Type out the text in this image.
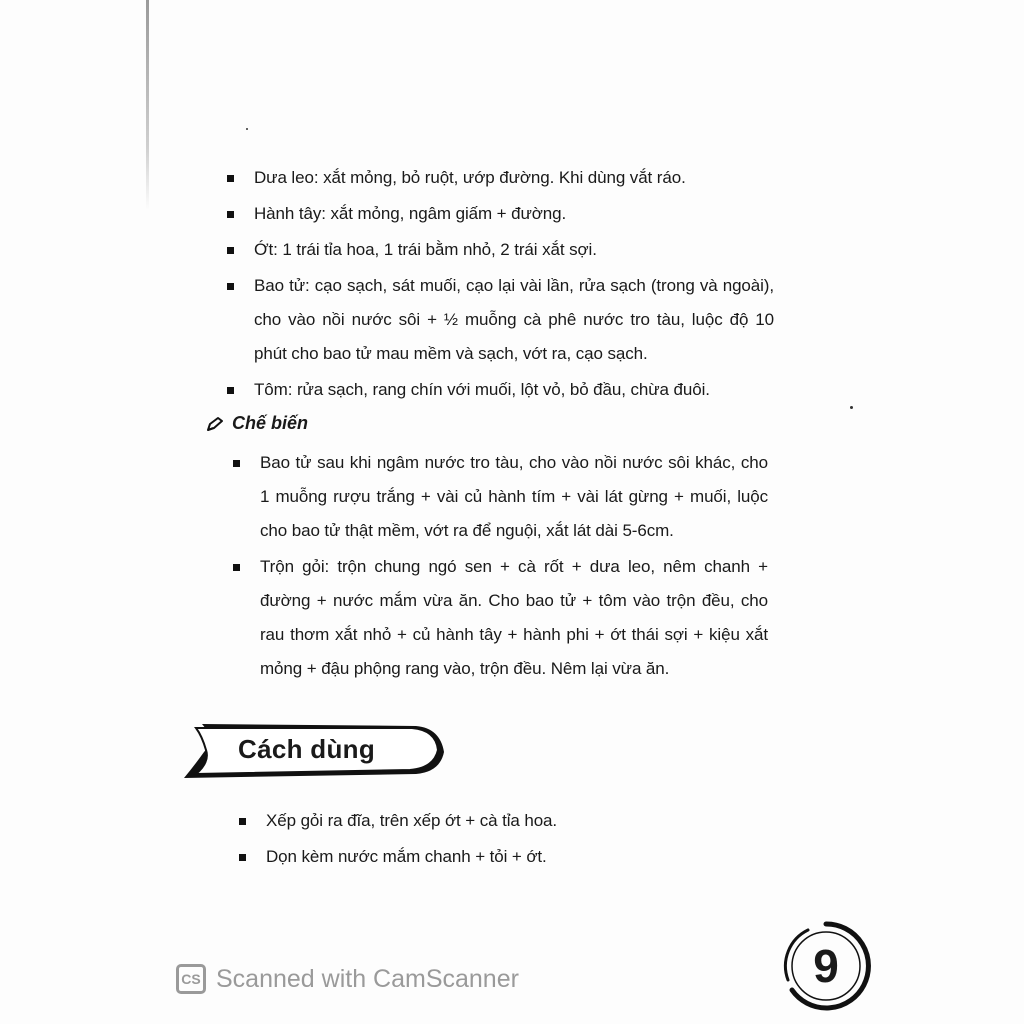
Dưa leo: xắt mỏng, bỏ ruột, ướp đường. Khi dùng vắt ráo.
Hành tây: xắt mỏng, ngâm giấm + đường.
Ớt: 1 trái tỉa hoa, 1 trái bằm nhỏ, 2 trái xắt sợi.
Bao tử: cạo sạch, sát muối, cạo lại vài lần, rửa sạch (trong và ngoài), cho vào nồi nước sôi + ½ muỗng cà phê nước tro tàu, luộc độ 10 phút cho bao tử mau mềm và sạch, vớt ra, cạo sạch.
Tôm: rửa sạch, rang chín với muối, lột vỏ, bỏ đầu, chừa đuôi.
Chế biến
Bao tử sau khi ngâm nước tro tàu, cho vào nồi nước sôi khác, cho 1 muỗng rượu trắng + vài củ hành tím + vài lát gừng + muối, luộc cho bao tử thật mềm, vớt ra để nguội, xắt lát dài 5-6cm.
Trộn gỏi: trộn chung ngó sen + cà rốt + dưa leo, nêm chanh + đường + nước mắm vừa ăn. Cho bao tử + tôm vào trộn đều, cho rau thơm xắt nhỏ + củ hành tây + hành phi + ớt thái sợi + kiệu xắt mỏng + đậu phộng rang vào, trộn đều. Nêm lại vừa ăn.
Cách dùng
Xếp gỏi ra đĩa, trên xếp ớt + cà tỉa hoa.
Dọn kèm nước mắm chanh + tỏi + ớt.
CS Scanned with CamScanner	9
